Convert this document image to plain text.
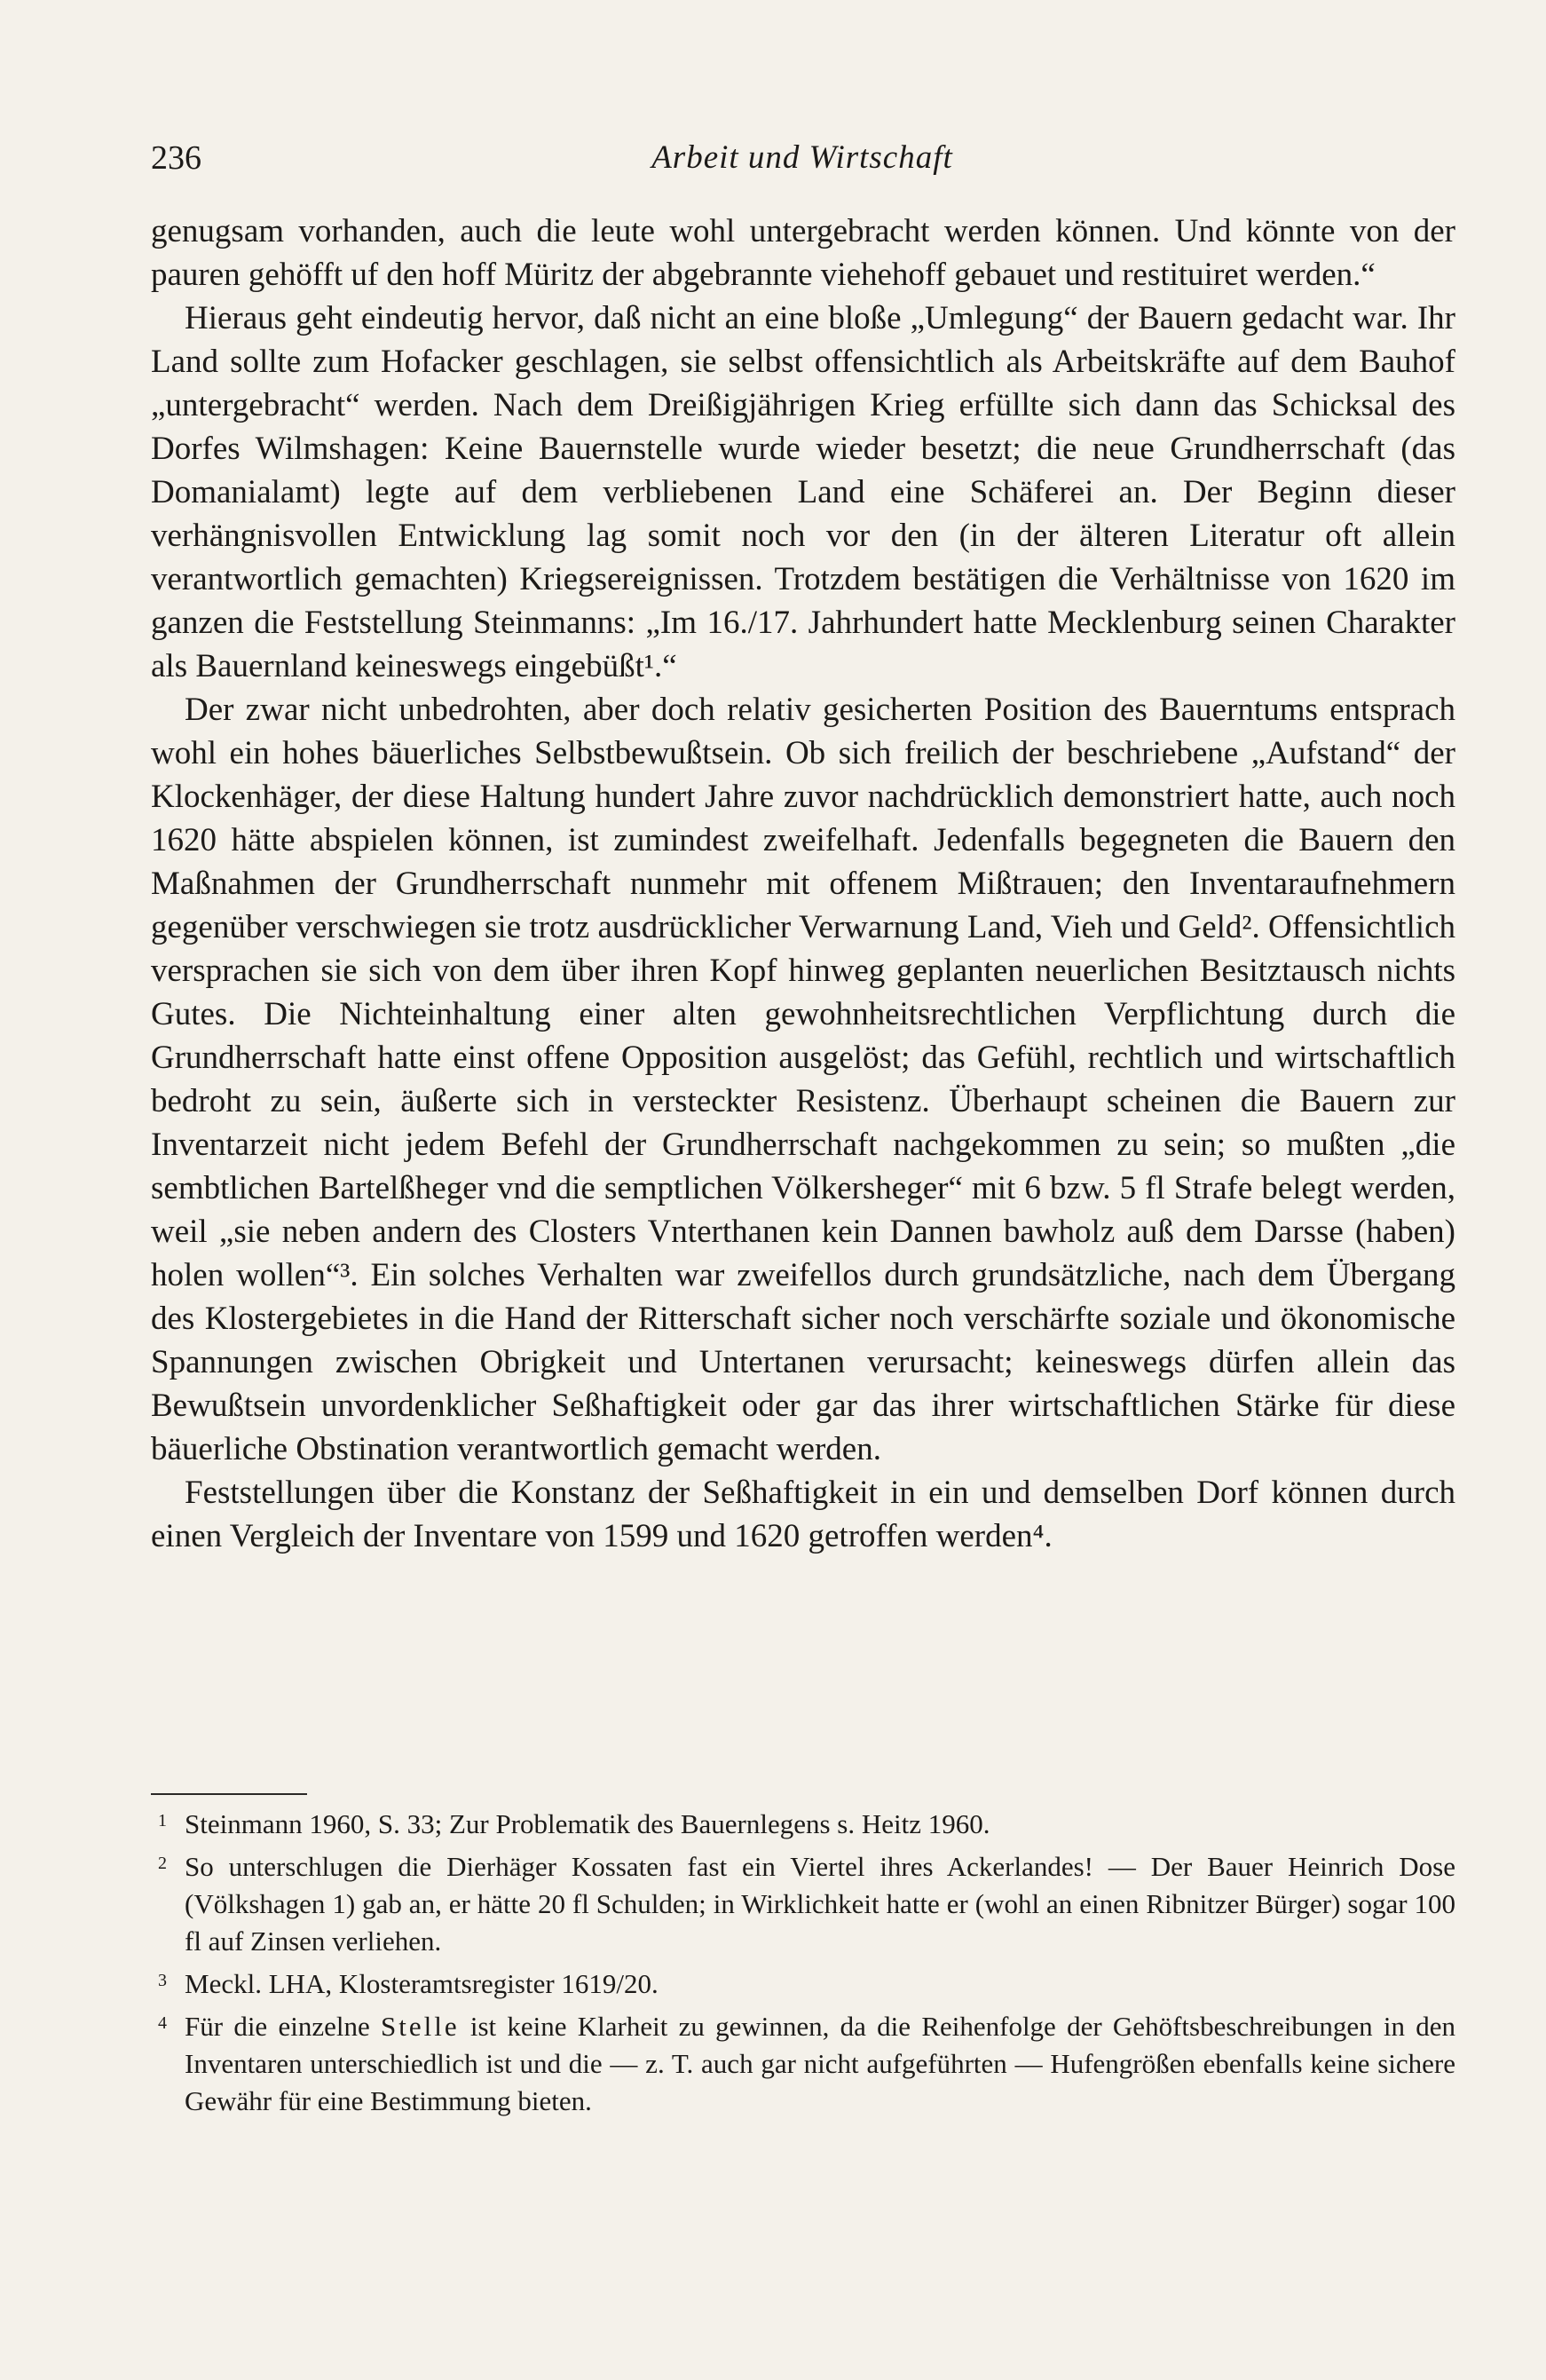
236	Arbeit und Wirtschaft

genugsam vorhanden, auch die leute wohl untergebracht werden können. Und könnte von der pauren gehöfft uf den hoff Müritz der abgebrannte viehehoff gebauet und restituiret werden.“

Hieraus geht eindeutig hervor, daß nicht an eine bloße „Umlegung“ der Bauern gedacht war. Ihr Land sollte zum Hofacker geschlagen, sie selbst offensichtlich als Arbeitskräfte auf dem Bauhof „untergebracht“ werden. Nach dem Dreißigjährigen Krieg erfüllte sich dann das Schicksal des Dorfes Wilmshagen: Keine Bauernstelle wurde wieder besetzt; die neue Grundherrschaft (das Domanialamt) legte auf dem verbliebenen Land eine Schäferei an. Der Beginn dieser verhängnisvollen Entwicklung lag somit noch vor den (in der älteren Literatur oft allein verantwortlich gemachten) Kriegsereignissen. Trotzdem bestätigen die Verhältnisse von 1620 im ganzen die Feststellung Steinmanns: „Im 16./17. Jahrhundert hatte Mecklenburg seinen Charakter als Bauernland keineswegs eingebüßt¹.“

Der zwar nicht unbedrohten, aber doch relativ gesicherten Position des Bauerntums entsprach wohl ein hohes bäuerliches Selbstbewußtsein. Ob sich freilich der beschriebene „Aufstand“ der Klockenhäger, der diese Haltung hundert Jahre zuvor nachdrücklich demonstriert hatte, auch noch 1620 hätte abspielen können, ist zumindest zweifelhaft. Jedenfalls begegneten die Bauern den Maßnahmen der Grundherrschaft nunmehr mit offenem Mißtrauen; den Inventaraufnehmern gegenüber verschwiegen sie trotz ausdrücklicher Verwarnung Land, Vieh und Geld². Offensichtlich versprachen sie sich von dem über ihren Kopf hinweg geplanten neuerlichen Besitztausch nichts Gutes. Die Nichteinhaltung einer alten gewohnheitsrechtlichen Verpflichtung durch die Grundherrschaft hatte einst offene Opposition ausgelöst; das Gefühl, rechtlich und wirtschaftlich bedroht zu sein, äußerte sich in versteckter Resistenz. Überhaupt scheinen die Bauern zur Inventarzeit nicht jedem Befehl der Grundherrschaft nachgekommen zu sein; so mußten „die sembtlichen Bartelßheger vnd die semptlichen Völkersheger“ mit 6 bzw. 5 fl Strafe belegt werden, weil „sie neben andern des Closters Vnterthanen kein Dannen bawholz auß dem Darsse (haben) holen wollen“³. Ein solches Verhalten war zweifellos durch grundsätzliche, nach dem Übergang des Klostergebietes in die Hand der Ritterschaft sicher noch verschärfte soziale und ökonomische Spannungen zwischen Obrigkeit und Untertanen verursacht; keineswegs dürfen allein das Bewußtsein unvordenklicher Seßhaftigkeit oder gar das ihrer wirtschaftlichen Stärke für diese bäuerliche Obstination verantwortlich gemacht werden.

Feststellungen über die Konstanz der Seßhaftigkeit in ein und demselben Dorf können durch einen Vergleich der Inventare von 1599 und 1620 getroffen werden⁴.

1 Steinmann 1960, S. 33; Zur Problematik des Bauernlegens s. Heitz 1960.
2 So unterschlugen die Dierhäger Kossaten fast ein Viertel ihres Ackerlandes! — Der Bauer Heinrich Dose (Völkshagen 1) gab an, er hätte 20 fl Schulden; in Wirklichkeit hatte er (wohl an einen Ribnitzer Bürger) sogar 100 fl auf Zinsen verliehen.
3 Meckl. LHA, Klosteramtsregister 1619/20.
4 Für die einzelne Stelle ist keine Klarheit zu gewinnen, da die Reihenfolge der Gehöftsbeschreibungen in den Inventaren unterschiedlich ist und die — z. T. auch gar nicht aufgeführten — Hufengrößen ebenfalls keine sichere Gewähr für eine Bestimmung bieten.
